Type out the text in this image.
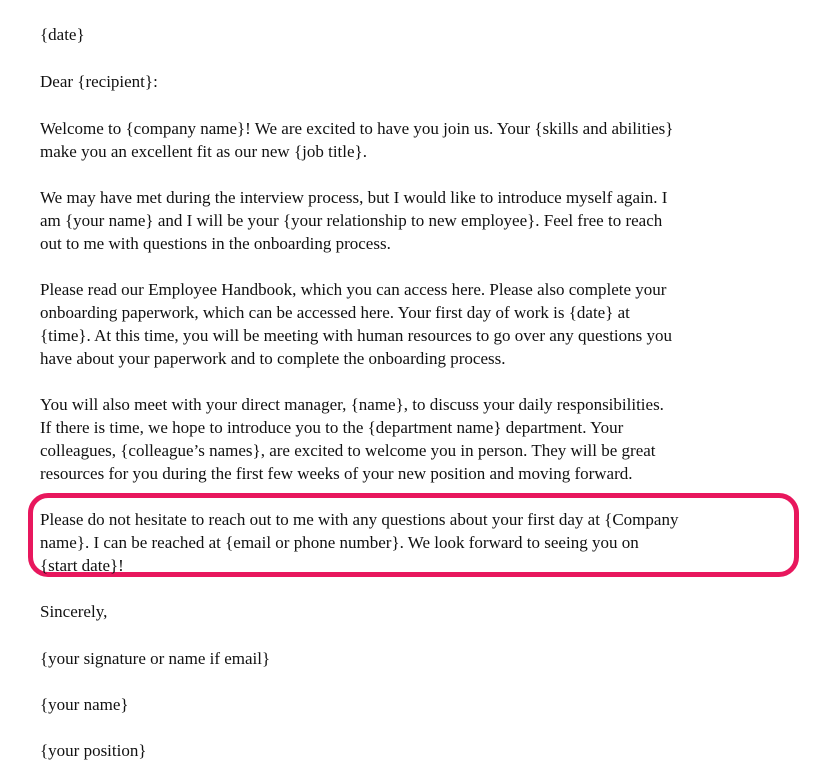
{date}

Dear {recipient}:

Welcome to {company name}! We are excited to have you join us. Your {skills and abilities}
make you an excellent fit as our new {job title}.

We may have met during the interview process, but I would like to introduce myself again. I
am {your name} and I will be your {your relationship to new employee}. Feel free to reach
out to me with questions in the onboarding process.

Please read our Employee Handbook, which you can access here. Please also complete your
onboarding paperwork, which can be accessed here. Your first day of work is {date} at
{time}. At this time, you will be meeting with human resources to go over any questions you
have about your paperwork and to complete the onboarding process.

You will also meet with your direct manager, {name}, to discuss your daily responsibilities.
If there is time, we hope to introduce you to the {department name} department. Your
colleagues, {colleague’s names}, are excited to welcome you in person. They will be great
resources for you during the first few weeks of your new position and moving forward.

Please do not hesitate to reach out to me with any questions about your first day at {Company
name}. I can be reached at {email or phone number}. We look forward to seeing you on
{start date}!

Sincerely,

{your signature or name if email}

{your name}

{your position}
